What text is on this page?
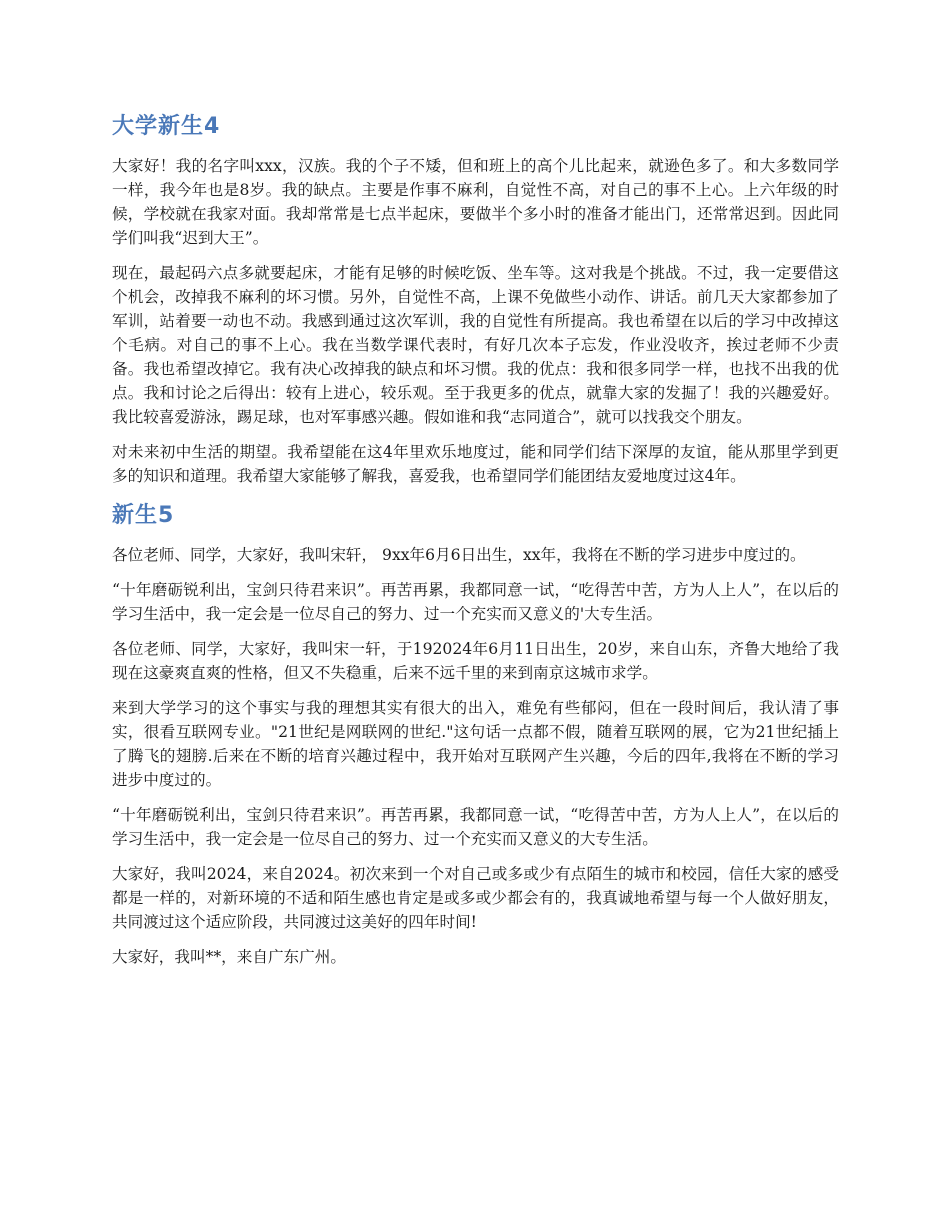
大学新生4

大家好！我的名字叫xxx，汉族。我的个子不矮，但和班上的高个儿比起来，就逊色多了。和大多数同学一样，我今年也是8岁。我的缺点。主要是作事不麻利，自觉性不高，对自己的事不上心。上六年级的时候，学校就在我家对面。我却常常是七点半起床，要做半个多小时的准备才能出门，还常常迟到。因此同学们叫我“迟到大王”。

现在，最起码六点多就要起床，才能有足够的时候吃饭、坐车等。这对我是个挑战。不过，我一定要借这个机会，改掉我不麻利的坏习惯。另外，自觉性不高，上课不免做些小动作、讲话。前几天大家都参加了军训，站着要一动也不动。我感到通过这次军训，我的自觉性有所提高。我也希望在以后的学习中改掉这个毛病。对自己的事不上心。我在当数学课代表时，有好几次本子忘发，作业没收齐，挨过老师不少责备。我也希望改掉它。我有决心改掉我的缺点和坏习惯。我的优点：我和很多同学一样，也找不出我的优点。我和讨论之后得出：较有上进心，较乐观。至于我更多的优点，就靠大家的发掘了！我的兴趣爱好。我比较喜爱游泳，踢足球，也对军事感兴趣。假如谁和我“志同道合”，就可以找我交个朋友。

对未来初中生活的期望。我希望能在这4年里欢乐地度过，能和同学们结下深厚的友谊，能从那里学到更多的知识和道理。我希望大家能够了解我，喜爱我，也希望同学们能团结友爱地度过这4年。

新生5

各位老师、同学，大家好，我叫宋轩， 9xx年6月6日出生，xx年，我将在不断的学习进步中度过的。

“十年磨砺锐利出，宝剑只待君来识”。再苦再累，我都同意一试，“吃得苦中苦，方为人上人”，在以后的学习生活中，我一定会是一位尽自己的努力、过一个充实而又意义的'大专生活。

各位老师、同学，大家好，我叫宋一轩，于192024年6月11日出生，20岁，来自山东，齐鲁大地给了我现在这豪爽直爽的性格，但又不失稳重，后来不远千里的来到南京这城市求学。

来到大学学习的这个事实与我的理想其实有很大的出入，难免有些郁闷，但在一段时间后，我认清了事实，很看互联网专业。"21世纪是网联网的世纪."这句话一点都不假，随着互联网的展，它为21世纪插上了腾飞的翅膀.后来在不断的培育兴趣过程中，我开始对互联网产生兴趣，今后的四年,我将在不断的学习进步中度过的。

“十年磨砺锐利出，宝剑只待君来识”。再苦再累，我都同意一试，“吃得苦中苦，方为人上人”，在以后的学习生活中，我一定会是一位尽自己的努力、过一个充实而又意义的大专生活。

大家好，我叫2024，来自2024。初次来到一个对自己或多或少有点陌生的城市和校园，信任大家的感受都是一样的，对新环境的不适和陌生感也肯定是或多或少都会有的，我真诚地希望与每一个人做好朋友，共同渡过这个适应阶段，共同渡过这美好的四年时间!

大家好，我叫**，来自广东广州。
